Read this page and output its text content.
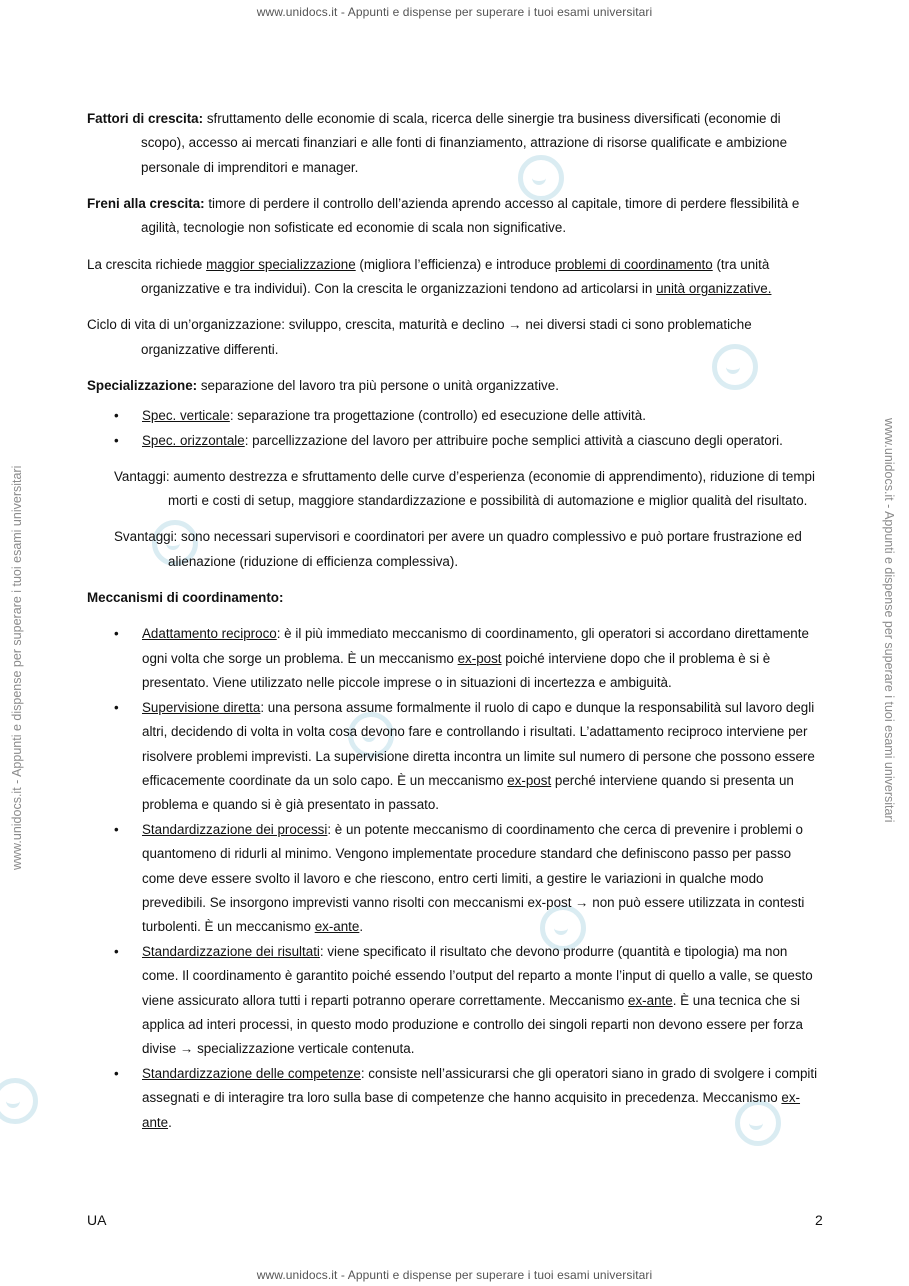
www.unidocs.it - Appunti e dispense per superare i tuoi esami universitari
www.unidocs.it - Appunti e dispense per superare i tuoi esami universitari
www.unidocs.it - Appunti e dispense per superare i tuoi esami universitari	www.unidocs.it - Appunti e dispense per superare i tuoi esami universitari

Fattori di crescita: sfruttamento delle economie di scala, ricerca delle sinergie tra business diversificati (economie di scopo), accesso ai mercati finanziari e alle fonti di finanziamento, attrazione di risorse qualificate e ambizione personale di imprenditori e manager.

Freni alla crescita: timore di perdere il controllo dell’azienda aprendo accesso al capitale, timore di perdere flessibilità e agilità, tecnologie non sofisticate ed economie di scala non significative.

La crescita richiede maggior specializzazione (migliora l’efficienza) e introduce problemi di coordinamento (tra unità organizzative e tra individui). Con la crescita le organizzazioni tendono ad articolarsi in unità organizzative.

Ciclo di vita di un’organizzazione: sviluppo, crescita, maturità e declino → nei diversi stadi ci sono problematiche organizzative differenti.

Specializzazione: separazione del lavoro tra più persone o unità organizzative.

• Spec. verticale: separazione tra progettazione (controllo) ed esecuzione delle attività.
• Spec. orizzontale: parcellizzazione del lavoro per attribuire poche semplici attività a ciascuno degli operatori.

Vantaggi: aumento destrezza e sfruttamento delle curve d’esperienza (economie di apprendimento), riduzione di tempi morti e costi di setup, maggiore standardizzazione e possibilità di automazione e miglior qualità del risultato.

Svantaggi: sono necessari supervisori e coordinatori per avere un quadro complessivo e può portare frustrazione ed alienazione (riduzione di efficienza complessiva).

Meccanismi di coordinamento:

• Adattamento reciproco: è il più immediato meccanismo di coordinamento, gli operatori si accordano direttamente ogni volta che sorge un problema. È un meccanismo ex-post poiché interviene dopo che il problema è si è presentato. Viene utilizzato nelle piccole imprese o in situazioni di incertezza e ambiguità.
• Supervisione diretta: una persona assume formalmente il ruolo di capo e dunque la responsabilità sul lavoro degli altri, decidendo di volta in volta cosa devono fare e controllando i risultati. L’adattamento reciproco interviene per risolvere problemi imprevisti. La supervisione diretta incontra un limite sul numero di persone che possono essere efficacemente coordinate da un solo capo. È un meccanismo ex-post perché interviene quando si presenta un problema e quando si è già presentato in passato.
• Standardizzazione dei processi: è un potente meccanismo di coordinamento che cerca di prevenire i problemi o quantomeno di ridurli al minimo. Vengono implementate procedure standard che definiscono passo per passo come deve essere svolto il lavoro e che riescono, entro certi limiti, a gestire le variazioni in qualche modo prevedibili. Se insorgono imprevisti vanno risolti con meccanismi ex-post → non può essere utilizzata in contesti turbolenti. È un meccanismo ex-ante.
• Standardizzazione dei risultati: viene specificato il risultato che devono produrre (quantità e tipologia) ma non come. Il coordinamento è garantito poiché essendo l’output del reparto a monte l’input di quello a valle, se questo viene assicurato allora tutti i reparti potranno operare correttamente. Meccanismo ex-ante. È una tecnica che si applica ad interi processi, in questo modo produzione e controllo dei singoli reparti non devono essere per forza divise → specializzazione verticale contenuta.
• Standardizzazione delle competenze: consiste nell’assicurarsi che gli operatori siano in grado di svolgere i compiti assegnati e di interagire tra loro sulla base di competenze che hanno acquisito in precedenza. Meccanismo ex-ante.
UA	2
